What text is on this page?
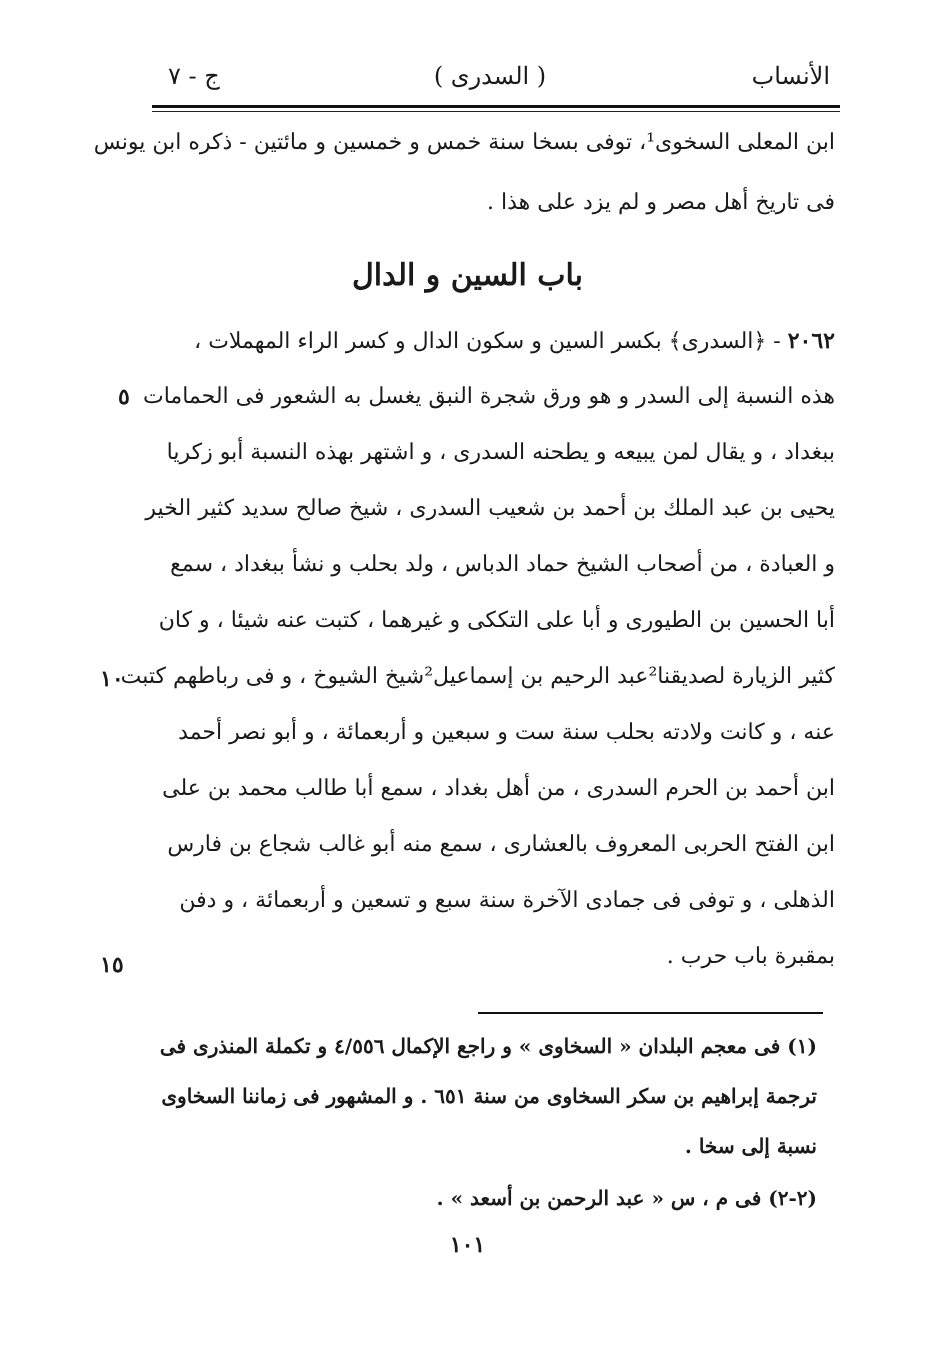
الأنساب
( السدرى )
ج - ٧
ابن المعلى السخوى¹، توفى بسخا سنة خمس و خمسين و مائتين - ذكره ابن يونس
فى تاريخ أهل مصر و لم يزد على هذا .
٢٠٦٢ - ﴿السدرى﴾ بكسر السين و سكون الدال و كسر الراء المهملات ،
هذه النسبة إلى السدر و هو ورق شجرة النبق يغسل به الشعور فى الحمامات
ببغداد ، و يقال لمن يبيعه و يطحنه السدرى ، و اشتهر بهذه النسبة أبو زكريا
يحيى بن عبد الملك بن أحمد بن شعيب السدرى ، شيخ صالح سديد كثير الخير
و العبادة ، من أصحاب الشيخ حماد الدباس ، ولد بحلب و نشأ ببغداد ، سمع
أبا الحسين بن الطيورى و أبا على التككى و غيرهما ، كتبت عنه شيئا ، و كان
كثير الزيارة لصديقنا²عبد الرحيم بن إسماعيل²شيخ الشيوخ ، و فى رباطهم كتبت
عنه ، و كانت ولادته بحلب سنة ست و سبعين و أربعمائة ، و أبو نصر أحمد
ابن أحمد بن الحرم السدرى ، من أهل بغداد ، سمع أبا طالب محمد بن على
ابن الفتح الحربى المعروف بالعشارى ، سمع منه أبو غالب شجاع بن فارس
الذهلى ، و توفى فى جمادى الآخرة سنة سبع و تسعين و أربعمائة ، و دفن
بمقبرة باب حرب .
باب السين و الدال
٥
١٠
١٥
(١) فى معجم البلدان « السخاوى » و راجع الإكمال ٤/٥٥٦ و تكملة المنذرى فى
ترجمة إبراهيم بن سكر السخاوى من سنة ٦٥١ . و المشهور فى زماننا السخاوى
نسبة إلى سخا .
(٢-٢) فى م ، س « عبد الرحمن بن أسعد » .
١٠١
